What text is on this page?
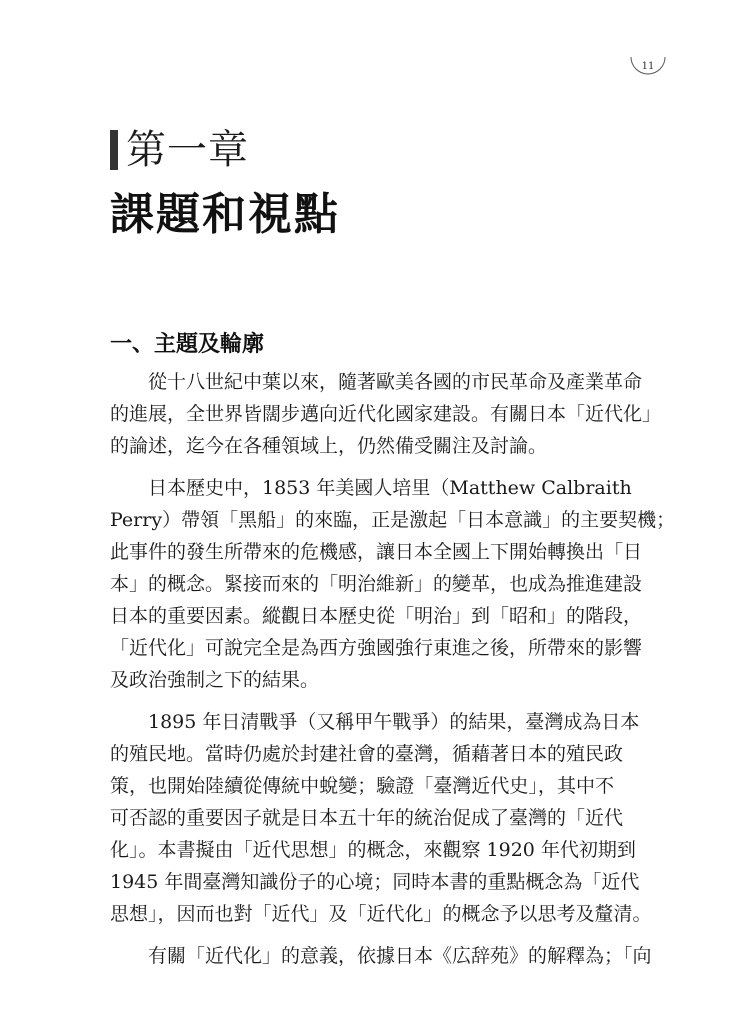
11
第一章
課題和視點
一、主題及輪廓
從十八世紀中葉以來，隨著歐美各國的市民革命及產業革命
的進展，全世界皆闊步邁向近代化國家建設。有關日本「近代化」
的論述，迄今在各種領域上，仍然備受關注及討論。
日本歷史中，1853 年美國人培里（Matthew Calbraith
Perry）帶領「黑船」的來臨，正是激起「日本意識」的主要契機；
此事件的發生所帶來的危機感，讓日本全國上下開始轉換出「日
本」的概念。緊接而來的「明治維新」的變革，也成為推進建設
日本的重要因素。縱觀日本歷史從「明治」到「昭和」的階段，
「近代化」可說完全是為西方強國強行東進之後，所帶來的影響
及政治強制之下的結果。
1895 年日清戰爭（又稱甲午戰爭）的結果，臺灣成為日本
的殖民地。當時仍處於封建社會的臺灣，循藉著日本的殖民政
策，也開始陸續從傳統中蛻變；驗證「臺灣近代史」，其中不
可否認的重要因子就是日本五十年的統治促成了臺灣的「近代
化」。本書擬由「近代思想」的概念，來觀察 1920 年代初期到
1945 年間臺灣知識份子的心境；同時本書的重點概念為「近代
思想」，因而也對「近代」及「近代化」的概念予以思考及釐清。
有關「近代化」的意義，依據日本《広辞苑》的解釋為；「向
